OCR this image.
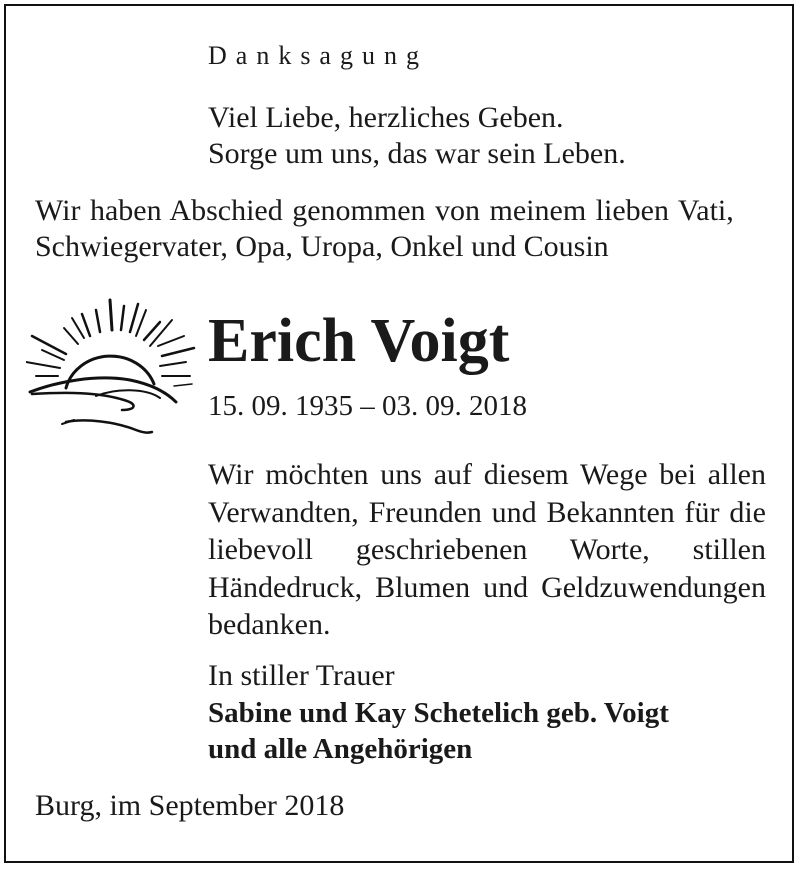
Danksagung
Viel Liebe, herzliches Geben.
Sorge um uns, das war sein Leben.
Wir haben Abschied genommen von meinem lieben Vati,
Schwiegervater, Opa, Uropa, Onkel und Cousin
Erich Voigt
15. 09. 1935 – 03. 09. 2018
Wir möchten uns auf diesem Wege bei allen Verwandten, Freunden und Bekannten für die liebevoll geschriebenen Worte, stillen Händedruck, Blumen und Geldzuwendungen bedanken.
In stiller Trauer
Sabine und Kay Schetelich geb. Voigt
und alle Angehörigen
Burg, im September 2018
